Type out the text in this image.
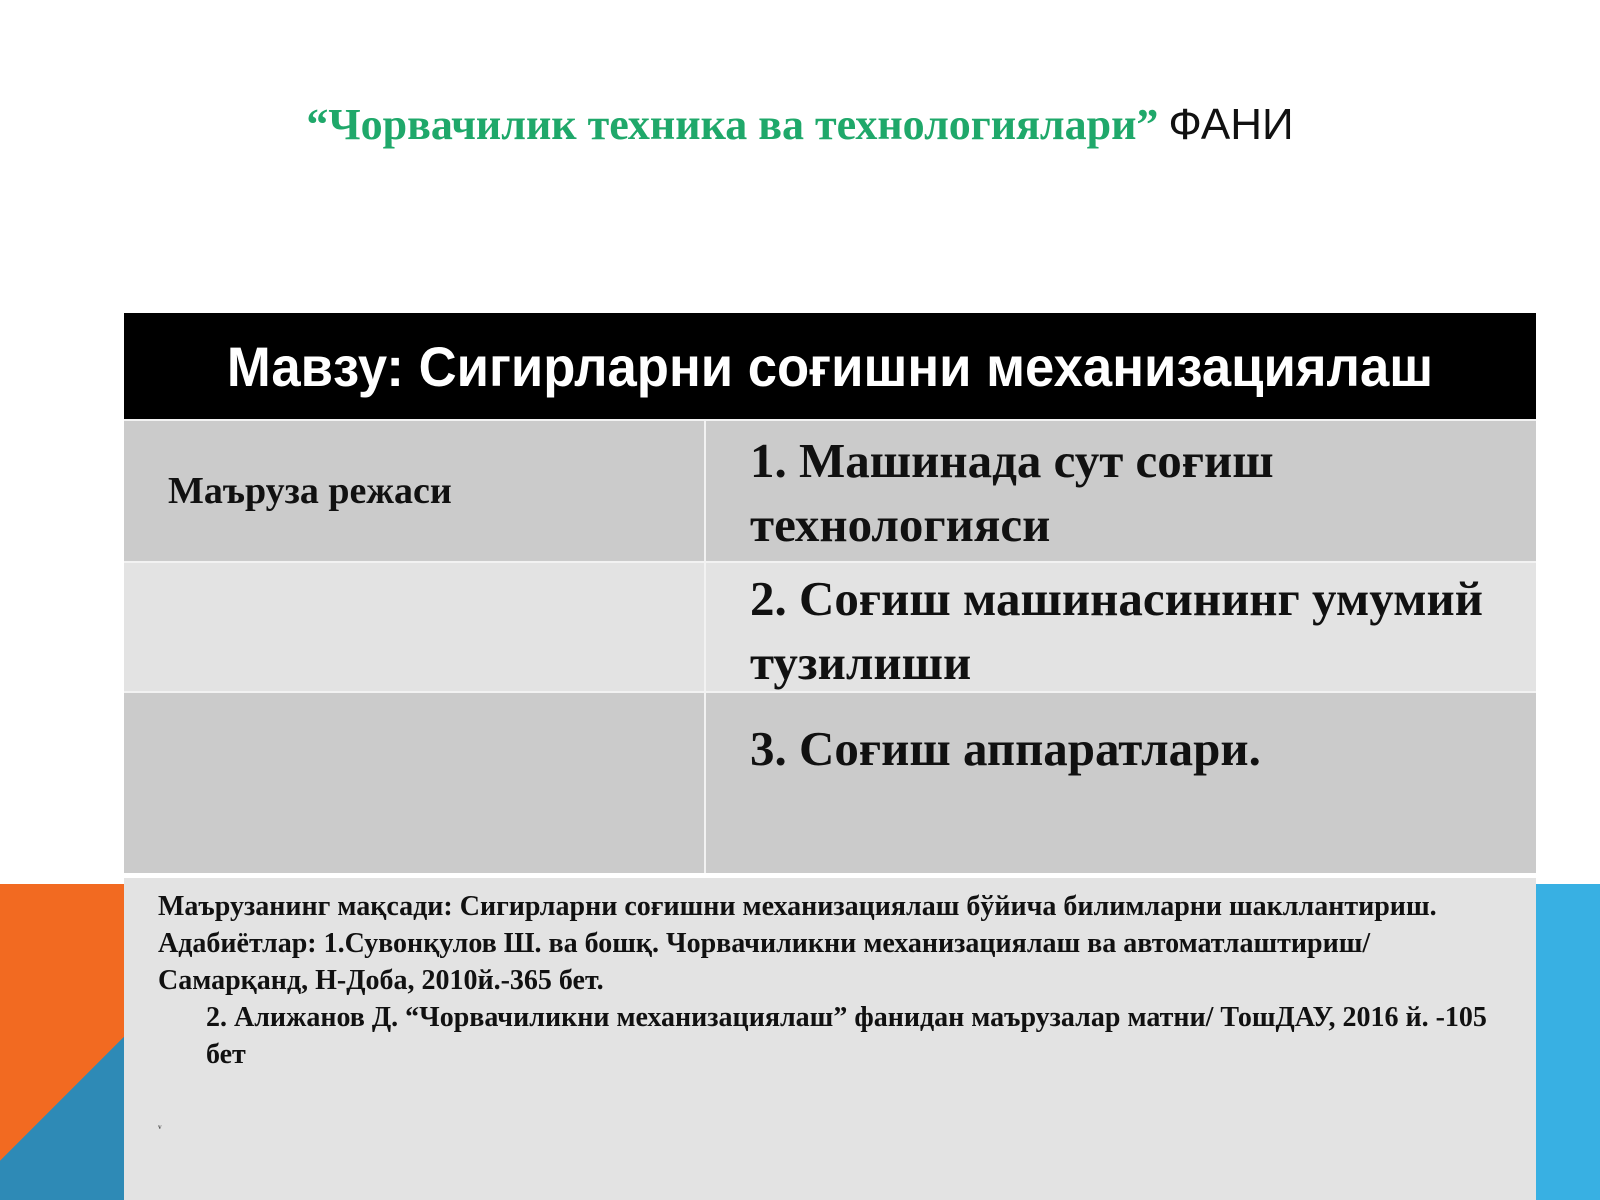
“Чорвачилик техника ва технологиялари” ФАНИ
Мавзу: Сигирларни соғишни механизациялаш
Маъруза режаси
1. Машинада сут соғиш технологияси
2. Соғиш машинасининг умумий тузилиши
3. Соғиш аппаратлари.

Маърузанинг мақсади: Сигирларни соғишни механизациялаш бўйича билимларни шакллантириш.

Адабиётлар: 1.Сувонқулов Ш. ва бошқ. Чорвачиликни механизациялаш ва автоматлаштириш/ Самарқанд, Н-Доба, 2010й.-365 бет.

2. Алижанов Д. “Чорвачиликни механизациялаш” фанидан маърузалар матни/ ТошДАУ, 2016 й. -105 бет

ᵥ
